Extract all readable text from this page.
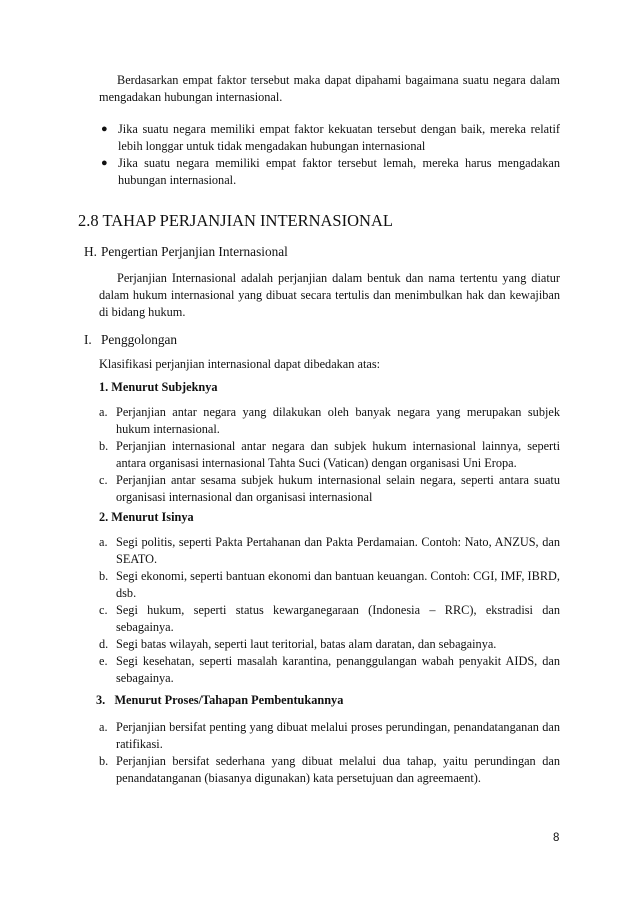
Berdasarkan empat faktor tersebut maka dapat dipahami bagaimana suatu negara dalam mengadakan hubungan internasional.

● Jika suatu negara memiliki empat faktor kekuatan tersebut dengan baik, mereka relatif lebih longgar untuk tidak mengadakan hubungan internasional

● Jika suatu negara memiliki empat faktor tersebut lemah, mereka harus mengadakan hubungan internasional.

2.8 TAHAP PERJANJIAN INTERNASIONAL
H. Pengertian Perjanjian Internasional

Perjanjian Internasional adalah perjanjian dalam bentuk dan nama tertentu yang diatur dalam hukum internasional yang dibuat secara tertulis dan menimbulkan hak dan kewajiban di bidang hukum.

I. Penggolongan

Klasifikasi perjanjian internasional dapat dibedakan atas:

1. Menurut Subjeknya
a. Perjanjian antar negara yang dilakukan oleh banyak negara yang merupakan subjek hukum internasional.

b. Perjanjian internasional antar negara dan subjek hukum internasional lainnya, seperti antara organisasi internasional Tahta Suci (Vatican) dengan organisasi Uni Eropa.

c. Perjanjian antar sesama subjek hukum internasional selain negara, seperti antara suatu organisasi internasional dan organisasi internasional

2. Menurut Isinya
a. Segi politis, seperti Pakta Pertahanan dan Pakta Perdamaian. Contoh: Nato, ANZUS, dan SEATO.

b. Segi ekonomi, seperti bantuan ekonomi dan bantuan keuangan. Contoh: CGI, IMF, IBRD, dsb.

c. Segi hukum, seperti status kewarganegaraan (Indonesia – RRC), ekstradisi dan sebagainya.

d. Segi batas wilayah, seperti laut teritorial, batas alam daratan, dan sebagainya.

e. Segi kesehatan, seperti masalah karantina, penanggulangan wabah penyakit AIDS, dan sebagainya.

3.   Menurut Proses/Tahapan Pembentukannya
a. Perjanjian bersifat penting yang dibuat melalui proses perundingan, penandatanganan dan ratifikasi.

b. Perjanjian bersifat sederhana yang dibuat melalui dua tahap, yaitu perundingan dan penandatanganan (biasanya digunakan) kata persetujuan dan agreemaent).

8
